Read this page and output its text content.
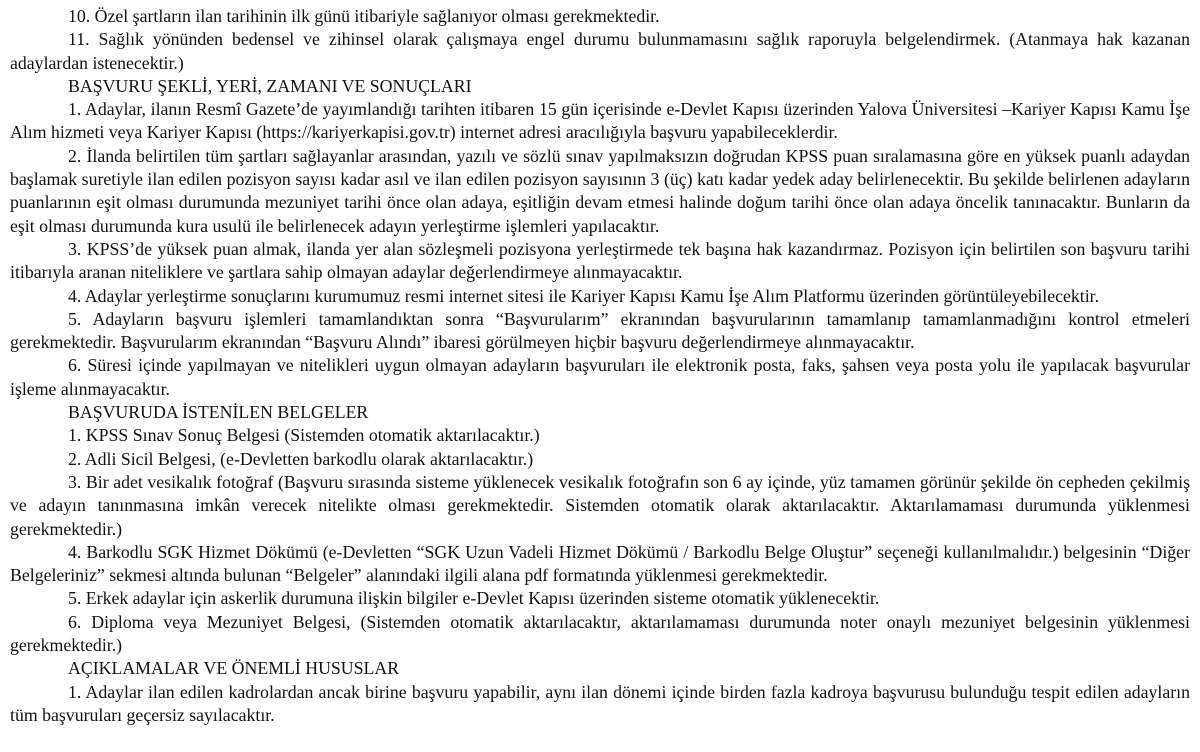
10. Özel şartların ilan tarihinin ilk günü itibariyle sağlanıyor olması gerekmektedir.

11. Sağlık yönünden bedensel ve zihinsel olarak çalışmaya engel durumu bulunmamasını sağlık raporuyla belgelendirmek. (Atanmaya hak kazanan adaylardan istenecektir.)

BAŞVURU ŞEKLİ, YERİ, ZAMANI VE SONUÇLARI

1. Adaylar, ilanın Resmî Gazete’de yayımlandığı tarihten itibaren 15 gün içerisinde e-Devlet Kapısı üzerinden Yalova Üniversitesi –Kariyer Kapısı Kamu İşe Alım hizmeti veya Kariyer Kapısı (https://kariyerkapisi.gov.tr) internet adresi aracılığıyla başvuru yapabileceklerdir.

2. İlanda belirtilen tüm şartları sağlayanlar arasından, yazılı ve sözlü sınav yapılmaksızın doğrudan KPSS puan sıralamasına göre en yüksek puanlı adaydan başlamak suretiyle ilan edilen pozisyon sayısı kadar asıl ve ilan edilen pozisyon sayısının 3 (üç) katı kadar yedek aday belirlenecektir. Bu şekilde belirlenen adayların puanlarının eşit olması durumunda mezuniyet tarihi önce olan adaya, eşitliğin devam etmesi halinde doğum tarihi önce olan adaya öncelik tanınacaktır. Bunların da eşit olması durumunda kura usulü ile belirlenecek adayın yerleştirme işlemleri yapılacaktır.

3. KPSS’de yüksek puan almak, ilanda yer alan sözleşmeli pozisyona yerleştirmede tek başına hak kazandırmaz. Pozisyon için belirtilen son başvuru tarihi itibarıyla aranan niteliklere ve şartlara sahip olmayan adaylar değerlendirmeye alınmayacaktır.

4. Adaylar yerleştirme sonuçlarını kurumumuz resmi internet sitesi ile Kariyer Kapısı Kamu İşe Alım Platformu üzerinden görüntüleyebilecektir.

5. Adayların başvuru işlemleri tamamlandıktan sonra “Başvurularım” ekranından başvurularının tamamlanıp tamamlanmadığını kontrol etmeleri gerekmektedir. Başvurularım ekranından “Başvuru Alındı” ibaresi görülmeyen hiçbir başvuru değerlendirmeye alınmayacaktır.

6. Süresi içinde yapılmayan ve nitelikleri uygun olmayan adayların başvuruları ile elektronik posta, faks, şahsen veya posta yolu ile yapılacak başvurular işleme alınmayacaktır.

BAŞVURUDA İSTENİLEN BELGELER

1. KPSS Sınav Sonuç Belgesi (Sistemden otomatik aktarılacaktır.)

2. Adli Sicil Belgesi, (e-Devletten barkodlu olarak aktarılacaktır.)

3. Bir adet vesikalık fotoğraf (Başvuru sırasında sisteme yüklenecek vesikalık fotoğrafın son 6 ay içinde, yüz tamamen görünür şekilde ön cepheden çekilmiş ve adayın tanınmasına imkân verecek nitelikte olması gerekmektedir. Sistemden otomatik olarak aktarılacaktır. Aktarılamaması durumunda yüklenmesi gerekmektedir.)

4. Barkodlu SGK Hizmet Dökümü (e-Devletten “SGK Uzun Vadeli Hizmet Dökümü / Barkodlu Belge Oluştur” seçeneği kullanılmalıdır.) belgesinin “Diğer Belgeleriniz” sekmesi altında bulunan “Belgeler” alanındaki ilgili alana pdf formatında yüklenmesi gerekmektedir.

5. Erkek adaylar için askerlik durumuna ilişkin bilgiler e-Devlet Kapısı üzerinden sisteme otomatik yüklenecektir.

6. Diploma veya Mezuniyet Belgesi, (Sistemden otomatik aktarılacaktır, aktarılamaması durumunda noter onaylı mezuniyet belgesinin yüklenmesi gerekmektedir.)

AÇIKLAMALAR VE ÖNEMLİ HUSUSLAR

1. Adaylar ilan edilen kadrolardan ancak birine başvuru yapabilir, aynı ilan dönemi içinde birden fazla kadroya başvurusu bulunduğu tespit edilen adayların tüm başvuruları geçersiz sayılacaktır.
